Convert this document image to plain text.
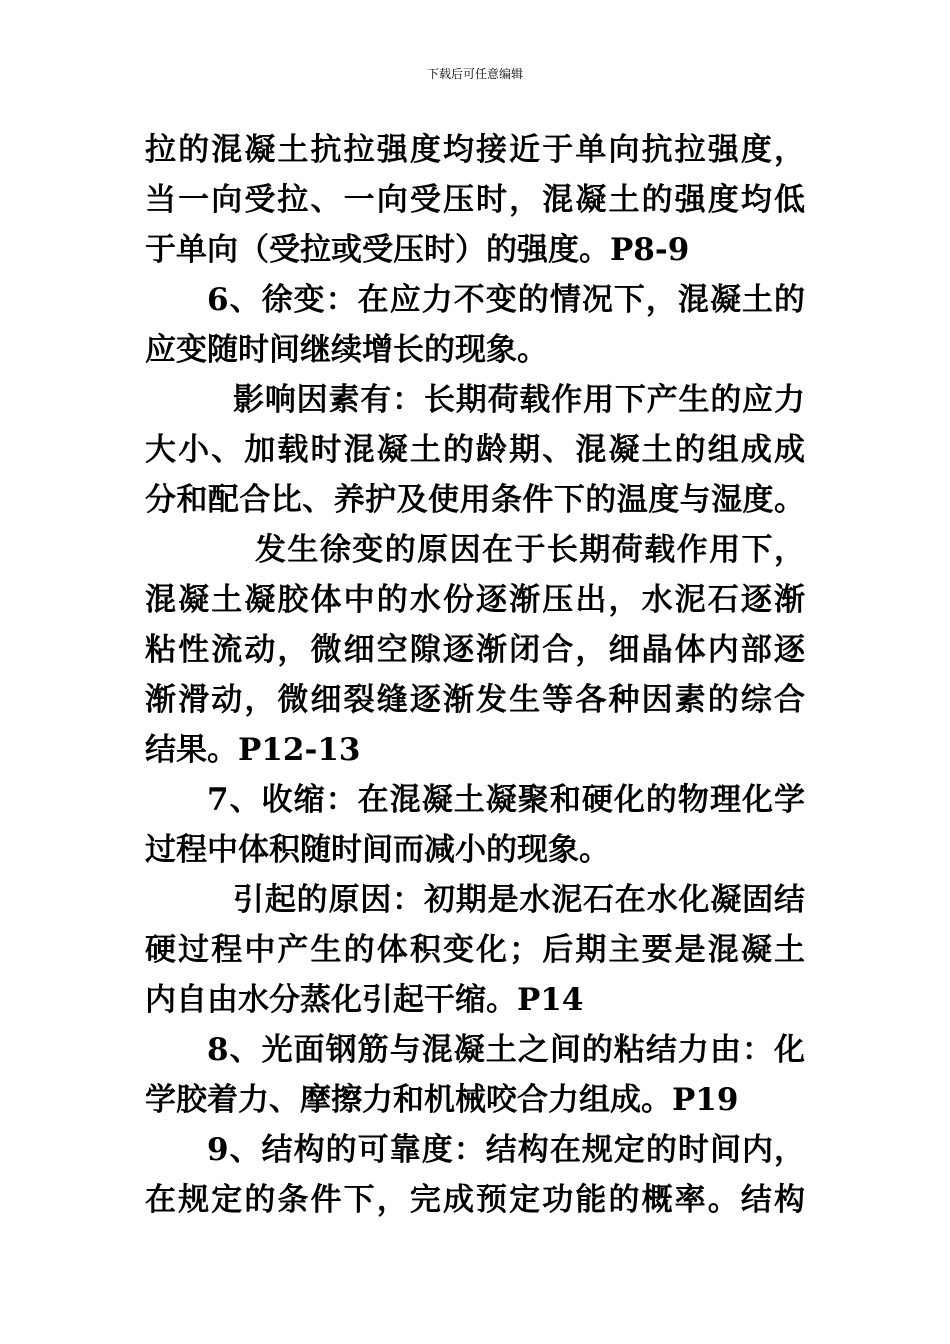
下载后可任意编辑
拉的混凝土抗拉强度均接近于单向抗拉强度，
当一向受拉、一向受压时，混凝土的强度均低
于单向（受拉或受压时）的强度。P8-9
6、徐变：在应力不变的情况下，混凝土的
应变随时间继续增长的现象。
影响因素有：长期荷载作用下产生的应力
大小、加载时混凝土的龄期、混凝土的组成成
分和配合比、养护及使用条件下的温度与湿度。
发生徐变的原因在于长期荷载作用下，
混凝土凝胶体中的水份逐渐压出，水泥石逐渐
粘性流动，微细空隙逐渐闭合，细晶体内部逐
渐滑动，微细裂缝逐渐发生等各种因素的综合
结果。P12-13
7、收缩：在混凝土凝聚和硬化的物理化学
过程中体积随时间而减小的现象。
引起的原因：初期是水泥石在水化凝固结
硬过程中产生的体积变化；后期主要是混凝土
内自由水分蒸化引起干缩。P14
8、光面钢筋与混凝土之间的粘结力由：化
学胶着力、摩擦力和机械咬合力组成。P19
9、结构的可靠度：结构在规定的时间内，
在规定的条件下，完成预定功能的概率。结构
